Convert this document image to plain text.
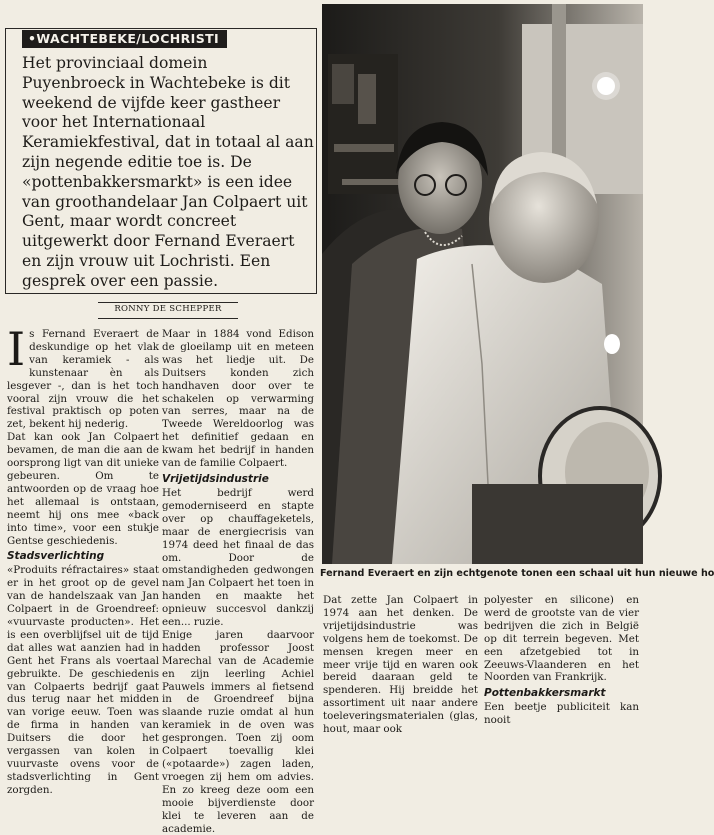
•WACHTEBEKE/LOCHRISTI

Het provinciaal domein Puyenbroeck in Wachtebeke is dit weekend de vijfde keer gastheer voor het Internationaal Keramiekfestival, dat in totaal al aan zijn negende editie toe is. De «pottenbakkersmarkt» is een idee van groothandelaar Jan Colpaert uit Gent, maar wordt concreet uitgewerkt door Fernand Everaert en zijn vrouw uit Lochristi. Een gesprek over een passie.

RONNY DE SCHEPPER
I s Fernand Everaert de deskundige op het vlak van keramiek - als kunstenaar èn als lesgever -, dan is het toch vooral zijn vrouw die het festival praktisch op poten zet, bekent hij nederig.

Dat kan ook Jan Colpaert bevamen, de man die aan de oorsprong ligt van dit unieke gebeuren. Om te antwoorden op de vraag hoe het allemaal is ontstaan, neemt hij ons mee «back into time», voor een stukje Gentse geschiedenis.

Stadsverlichting

«Produits réfractaires» staat er in het groot op de gevel van de handelszaak van Jan Colpaert in de Groendreef: «vuurvaste producten». Het is een overblijfsel uit de tijd dat alles wat aanzien had in Gent het Frans als voertaal gebruikte. De geschiedenis van Colpaerts bedrijf gaat dus terug naar het midden van vorige eeuw. Toen was de firma in handen van Duitsers die door het vergassen van kolen in vuurvaste ovens voor de stadsverlichting in Gent zorgden.

Maar in 1884 vond Edison de gloeilamp uit en meteen was het liedje uit. De Duitsers konden zich handhaven door over te schakelen op verwarming van serres, maar na de Tweede Wereldoorlog was het definitief gedaan en kwam het bedrijf in handen van de familie Colpaert.

Vrijetijdsindustrie

Het bedrijf werd gemoderniseerd en stapte over op chauffageketels, maar de energiecrisis van 1974 deed het finaal de das om. Door de omstandigheden gedwongen nam Jan Colpaert het toen in handen en maakte het opnieuw succesvol dankzij een... ruzie.

Enige jaren daarvoor hadden professor Joost Marechal van de Academie en zijn leerling Achiel Pauwels immers al fietsend in de Groendreef bijna slaande ruzie omdat al hun keramiek in de oven was gesprongen. Toen zij oom Colpaert toevallig klei («potaarde») zagen laden, vroegen zij hem om advies. En zo kreeg deze oom een mooie bijverdienste door klei te leveren aan de academie.

Fernand Everaert en zijn echtgenote tonen een schaal uit hun nieuwe ho

Dat zette Jan Colpaert in 1974 aan het denken. De vrijetijdsindustrie was volgens hem de toekomst. De mensen kregen meer en meer vrije tijd en waren ook bereid daaraan geld te spenderen. Hij breidde het assortiment uit naar andere toeleveringsmaterialen (glas, hout, maar ook

polyester en silicone) en werd de grootste van de vier bedrijven die zich in België op dit terrein begeven. Met een afzetgebied tot in Zeeuws-Vlaanderen en het Noorden van Frankrijk.

Pottenbakkersmarkt

Een beetje publiciteit kan nooit
